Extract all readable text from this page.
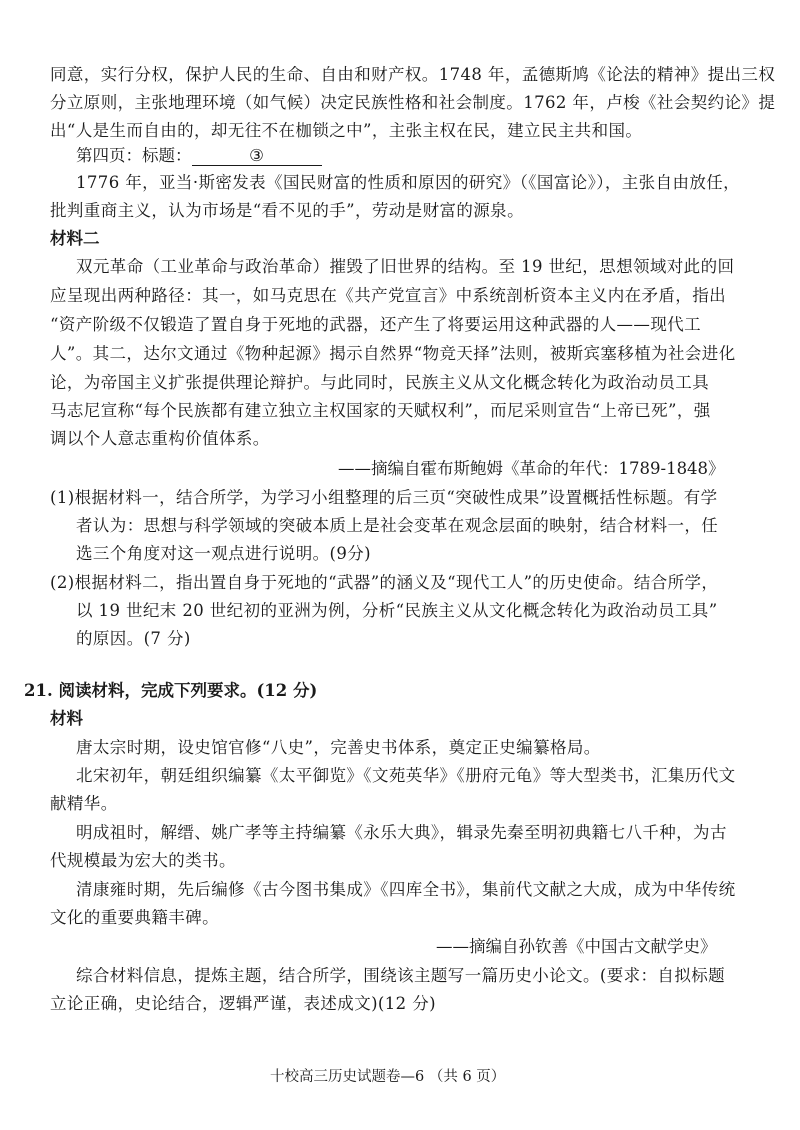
同意，实行分权，保护人民的生命、自由和财产权。1748 年，孟德斯鸠《论法的精神》提出三权
分立原则，主张地理环境（如气候）决定民族性格和社会制度。1762 年，卢梭《社会契约论》提
出“人是生而自由的，却无往不在枷锁之中”，主张主权在民，建立民主共和国。
第四页：标题：	③
1776 年，亚当·斯密发表《国民财富的性质和原因的研究》（《国富论》），主张自由放任，
批判重商主义，认为市场是“看不见的手”，劳动是财富的源泉。
材料二
双元革命（工业革命与政治革命）摧毁了旧世界的结构。至 19 世纪，思想领域对此的回
应呈现出两种路径：其一，如马克思在《共产党宣言》中系统剖析资本主义内在矛盾，指出
“资产阶级不仅锻造了置自身于死地的武器，还产生了将要运用这种武器的人——现代工
人”。其二，达尔文通过《物种起源》揭示自然界“物竞天择”法则，被斯宾塞移植为社会进化
论，为帝国主义扩张提供理论辩护。与此同时，民族主义从文化概念转化为政治动员工具
马志尼宣称“每个民族都有建立独立主权国家的天赋权利”，而尼采则宣告“上帝已死”，强
调以个人意志重构价值体系。
——摘编自霍布斯鲍姆《革命的年代：1789-1848》
(1)根据材料一，结合所学，为学习小组整理的后三页“突破性成果”设置概括性标题。有学
者认为：思想与科学领域的突破本质上是社会变革在观念层面的映射，结合材料一，任
选三个角度对这一观点进行说明。(9分)
(2)根据材料二，指出置自身于死地的“武器”的涵义及“现代工人”的历史使命。结合所学，
以 19 世纪末 20 世纪初的亚洲为例，分析“民族主义从文化概念转化为政治动员工具”
的原因。(7 分)
21. 阅读材料，完成下列要求。(12 分)
材料
唐太宗时期，设史馆官修“八史”，完善史书体系，奠定正史编纂格局。
北宋初年，朝廷组织编纂《太平御览》《文苑英华》《册府元龟》等大型类书，汇集历代文
献精华。
明成祖时，解缙、姚广孝等主持编纂《永乐大典》，辑录先秦至明初典籍七八千种，为古
代规模最为宏大的类书。
清康雍时期，先后编修《古今图书集成》《四库全书》，集前代文献之大成，成为中华传统
文化的重要典籍丰碑。
——摘编自孙钦善《中国古文献学史》
综合材料信息，提炼主题，结合所学，围绕该主题写一篇历史小论文。(要求：自拟标题
立论正确，史论结合，逻辑严谨，表述成文)(12 分)
十校高三历史试题卷—6 （共 6 页）
